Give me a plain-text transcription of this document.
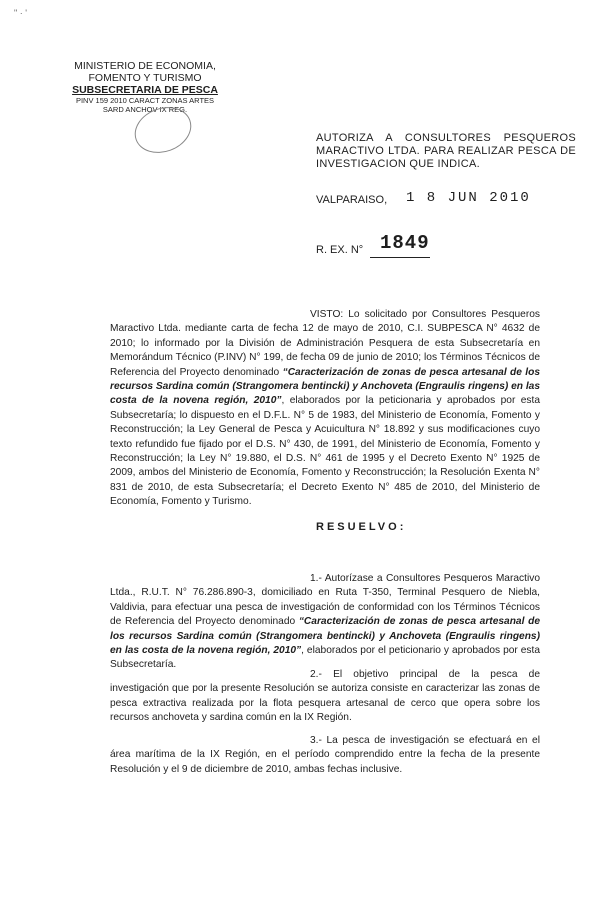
" · '
MINISTERIO DE ECONOMIA,
FOMENTO Y TURISMO
SUBSECRETARIA DE PESCA
PINV 159 2010 CARACT ZONAS ARTES
SARD ANCHOV IX REG.
AUTORIZA A CONSULTORES PESQUEROS MARACTIVO LTDA. PARA REALIZAR PESCA DE INVESTIGACION QUE INDICA.
VALPARAISO, 1 8 JUN 2010
R. EX. N° 1849
VISTO: Lo solicitado por Consultores Pesqueros Maractivo Ltda. mediante carta de fecha 12 de mayo de 2010, C.I. SUBPESCA N° 4632 de 2010; lo informado por la División de Administración Pesquera de esta Subsecretaría en Memorándum Técnico (P.INV) N° 199, de fecha 09 de junio de 2010; los Términos Técnicos de Referencia del Proyecto denominado “Caracterización de zonas de pesca artesanal de los recursos Sardina común (Strangomera bentincki) y Anchoveta (Engraulis ringens) en las costa de la novena región, 2010”, elaborados por la peticionaria y aprobados por esta Subsecretaría; lo dispuesto en el D.F.L. N° 5 de 1983, del Ministerio de Economía, Fomento y Reconstrucción; la Ley General de Pesca y Acuicultura N° 18.892 y sus modificaciones cuyo texto refundido fue fijado por el D.S. N° 430, de 1991, del Ministerio de Economía, Fomento y Reconstrucción; la Ley N° 19.880, el D.S. N° 461 de 1995 y el Decreto Exento N° 1925 de 2009, ambos del Ministerio de Economía, Fomento y Reconstrucción; la Resolución Exenta N° 831 de 2010, de esta Subsecretaría; el Decreto Exento N° 485 de 2010, del Ministerio de Economía, Fomento y Turismo.
RESUELVO:
1.- Autorízase a Consultores Pesqueros Maractivo Ltda., R.U.T. N° 76.286.890-3, domiciliado en Ruta T-350, Terminal Pesquero de Niebla, Valdivia, para efectuar una pesca de investigación de conformidad con los Términos Técnicos de Referencia del Proyecto denominado “Caracterización de zonas de pesca artesanal de los recursos Sardina común (Strangomera bentincki) y Anchoveta (Engraulis ringens) en las costa de la novena región, 2010”, elaborados por el peticionario y aprobados por esta Subsecretaría.
2.- El objetivo principal de la pesca de investigación que por la presente Resolución se autoriza consiste en caracterizar las zonas de pesca extractiva realizada por la flota pesquera artesanal de cerco que opera sobre los recursos anchoveta y sardina común en la IX Región.
3.- La pesca de investigación se efectuará en el área marítima de la IX Región, en el período comprendido entre la fecha de la presente Resolución y el 9 de diciembre de 2010, ambas fechas inclusive.
